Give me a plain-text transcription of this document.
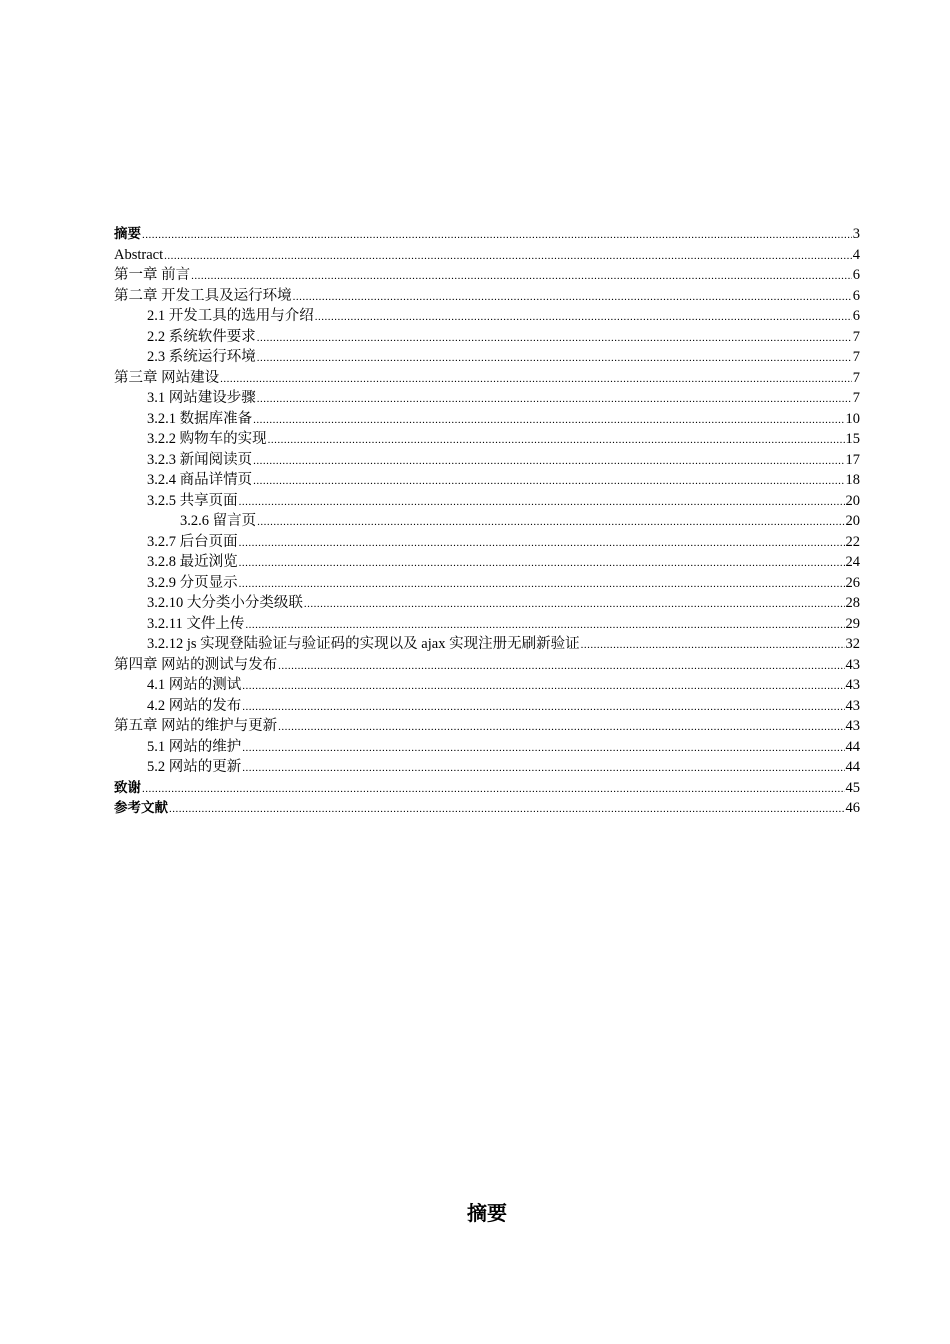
摘要 .....	3
Abstract .....	4
第一章 前言 .....	6
第二章 开发工具及运行环境 .....	6
2.1 开发工具的选用与介绍 .....	6
2.2 系统软件要求 .....	7
2.3 系统运行环境 .....	7
第三章 网站建设 .....	7
3.1 网站建设步骤 .....	7
3.2.1 数据库准备 .....	10
3.2.2 购物车的实现 .....	15
3.2.3 新闻阅读页 .....	17
3.2.4 商品详情页 .....	18
3.2.5 共享页面 .....	20
3.2.6 留言页 .....	20
3.2.7 后台页面 .....	22
3.2.8 最近浏览 .....	24
3.2.9 分页显示 .....	26
3.2.10 大分类小分类级联 .....	28
3.2.11 文件上传 .....	29
3.2.12 js 实现登陆验证与验证码的实现以及 ajax 实现注册无刷新验证 .....	32
第四章 网站的测试与发布 .....	43
4.1 网站的测试 .....	43
4.2 网站的发布 .....	43
第五章 网站的维护与更新 .....	43
5.1 网站的维护 .....	44
5.2 网站的更新 .....	44
致谢 .....	45
参考文献 .....	46
摘要
